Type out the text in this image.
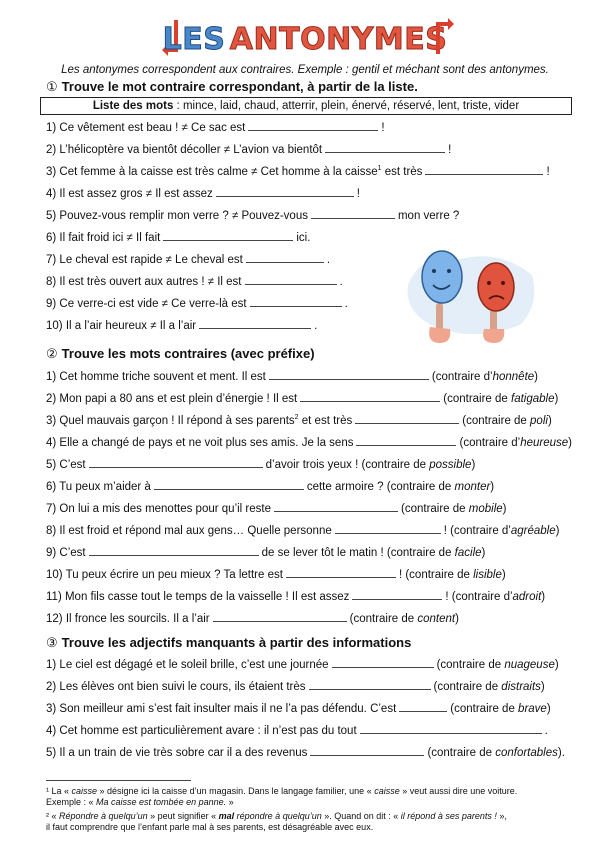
LES ANTONYMES
Les antonymes correspondent aux contraires. Exemple : gentil et méchant sont des antonymes.
① Trouve le mot contraire correspondant, à partir de la liste.
Liste des mots : mince, laid, chaud, atterrir, plein, énervé, réservé, lent, triste, vider
1) Ce vêtement est beau ! ≠ Ce sac est	!
2) L’hélicoptère va bientôt décoller ≠ L’avion va bientôt	!
3) Cet femme à la caisse est très calme ≠ Cet homme à la caisse$^1$ est très	!
4) Il est assez gros ≠ Il est assez	!
5) Pouvez-vous remplir mon verre ? ≠ Pouvez-vous	mon verre ?
6) Il fait froid ici ≠ Il fait	ici.
7) Le cheval est rapide ≠ Le cheval est	.
8) Il est très ouvert aux autres ! ≠ Il est	.
9) Ce verre-ci est vide ≠ Ce verre-là est	.
10) Il a l’air heureux ≠ Il a l’air	.
② Trouve les mots contraires (avec préfixe)
1) Cet homme triche souvent et ment. Il est	(contraire d’honnête)
2) Mon papi a 80 ans et est plein d’énergie ! Il est	(contraire de fatigable)
3) Quel mauvais garçon ! Il répond à ses parents$^2$ et est très	(contraire de poli)
4) Elle a changé de pays et ne voit plus ses amis. Je la sens	(contraire d’heureuse)
5) C’est	d’avoir trois yeux ! (contraire de possible)
6) Tu peux m’aider à	cette armoire ? (contraire de monter)
7) On lui a mis des menottes pour qu’il reste	(contraire de mobile)
8) Il est froid et répond mal aux gens… Quelle personne	! (contraire d’agréable)
9) C’est	de se lever tôt le matin ! (contraire de facile)
10) Tu peux écrire un peu mieux ? Ta lettre est	! (contraire de lisible)
11) Mon fils casse tout le temps de la vaisselle ! Il est assez	! (contraire d’adroit)
12) Il fronce les sourcils. Il a l’air	(contraire de content)
③ Trouve les adjectifs manquants à partir des informations
1) Le ciel est dégagé et le soleil brille, c’est une journée	(contraire de nuageuse)
2) Les élèves ont bien suivi le cours, ils étaient très	(contraire de distraits)
3) Son meilleur ami s’est fait insulter mais il ne l’a pas défendu. C’est	(contraire de brave)
4) Cet homme est particulièrement avare : il n’est pas du tout	.
5) Il a un train de vie très sobre car il a des revenus	(contraire de confortables).
¹ La « caisse » désigne ici la caisse d’un magasin. Dans le langage familier, une « caisse » veut aussi dire une voiture.
Exemple : « Ma caisse est tombée en panne. »
² « Répondre à quelqu’un » peut signifier « mal répondre à quelqu’un ». Quand on dit : « il répond à ses parents ! »,
il faut comprendre que l’enfant parle mal à ses parents, est désagréable avec eux.
